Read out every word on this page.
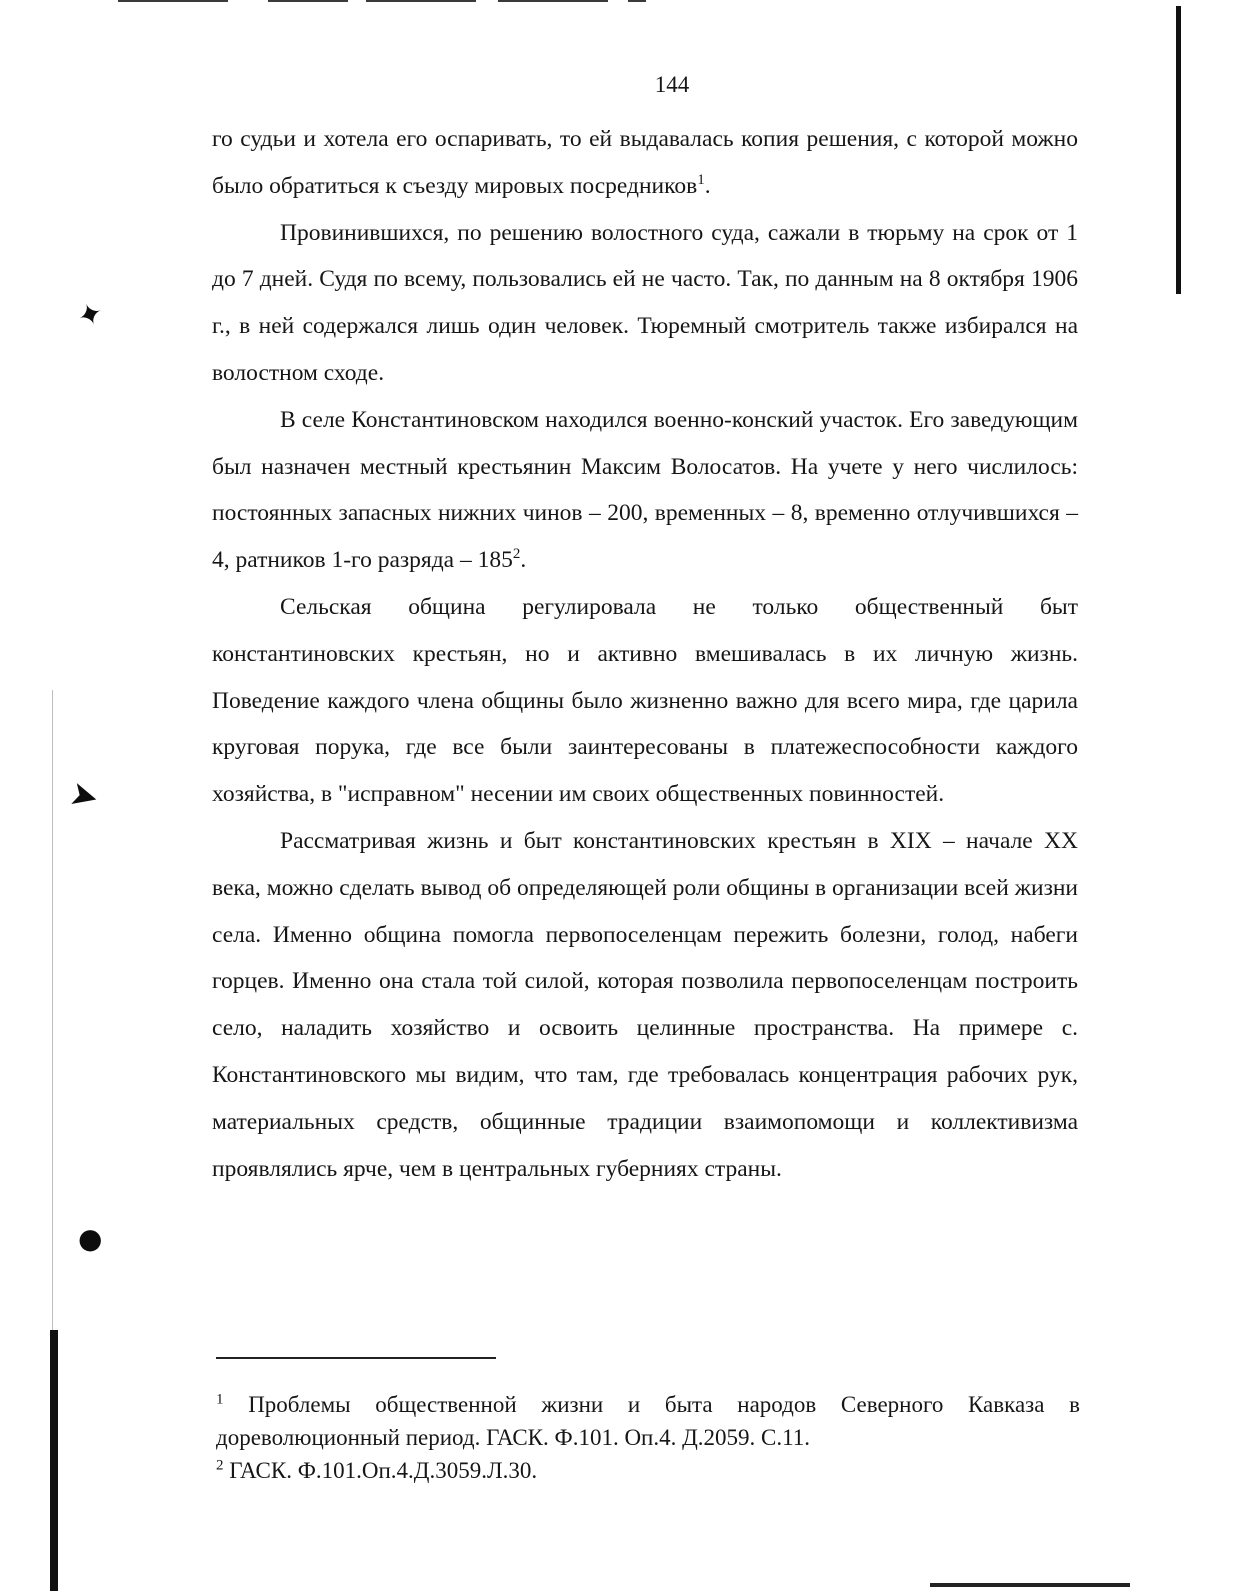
✦
➤
●
144

го судьи и хотела его оспаривать, то ей выдавалась копия решения, с которой можно было обратиться к съезду мировых посредников$^1$.

Провинившихся, по решению волостного суда, сажали в тюрьму на срок от 1 до 7 дней. Судя по всему, пользовались ей не часто. Так, по данным на 8 октября 1906 г., в ней содержался лишь один человек. Тюремный смотритель также избирался на волостном сходе.

В селе Константиновском находился военно-конский участок. Его заведующим был назначен местный крестьянин Максим Волосатов. На учете у него числилось: постоянных запасных нижних чинов – 200, временных – 8, временно отлучившихся – 4, ратников 1-го разряда – $185^2$.

Сельская община регулировала не только общественный быт константиновских крестьян, но и активно вмешивалась в их личную жизнь. Поведение каждого члена общины было жизненно важно для всего мира, где царила круговая порука, где все были заинтересованы в платежеспособности каждого хозяйства, в "исправном" несении им своих общественных повинностей.

Рассматривая жизнь и быт константиновских крестьян в XIX – начале XX века, можно сделать вывод об определяющей роли общины в организации всей жизни села. Именно община помогла первопоселенцам пережить болезни, голод, набеги горцев. Именно она стала той силой, которая позволила первопоселенцам построить село, наладить хозяйство и освоить целинные пространства. На примере с. Константиновского мы видим, что там, где требовалась концентрация рабочих рук, материальных средств, общинные традиции взаимопомощи и коллективизма проявлялись ярче, чем в центральных губерниях страны.

$^1$ Проблемы общественной жизни и быта народов Северного Кавказа в дореволюционный период. ГАСК. Ф.101. Оп.4. Д.2059. С.11.

$^2$ ГАСК. Ф.101.Оп.4.Д.3059.Л.30.
